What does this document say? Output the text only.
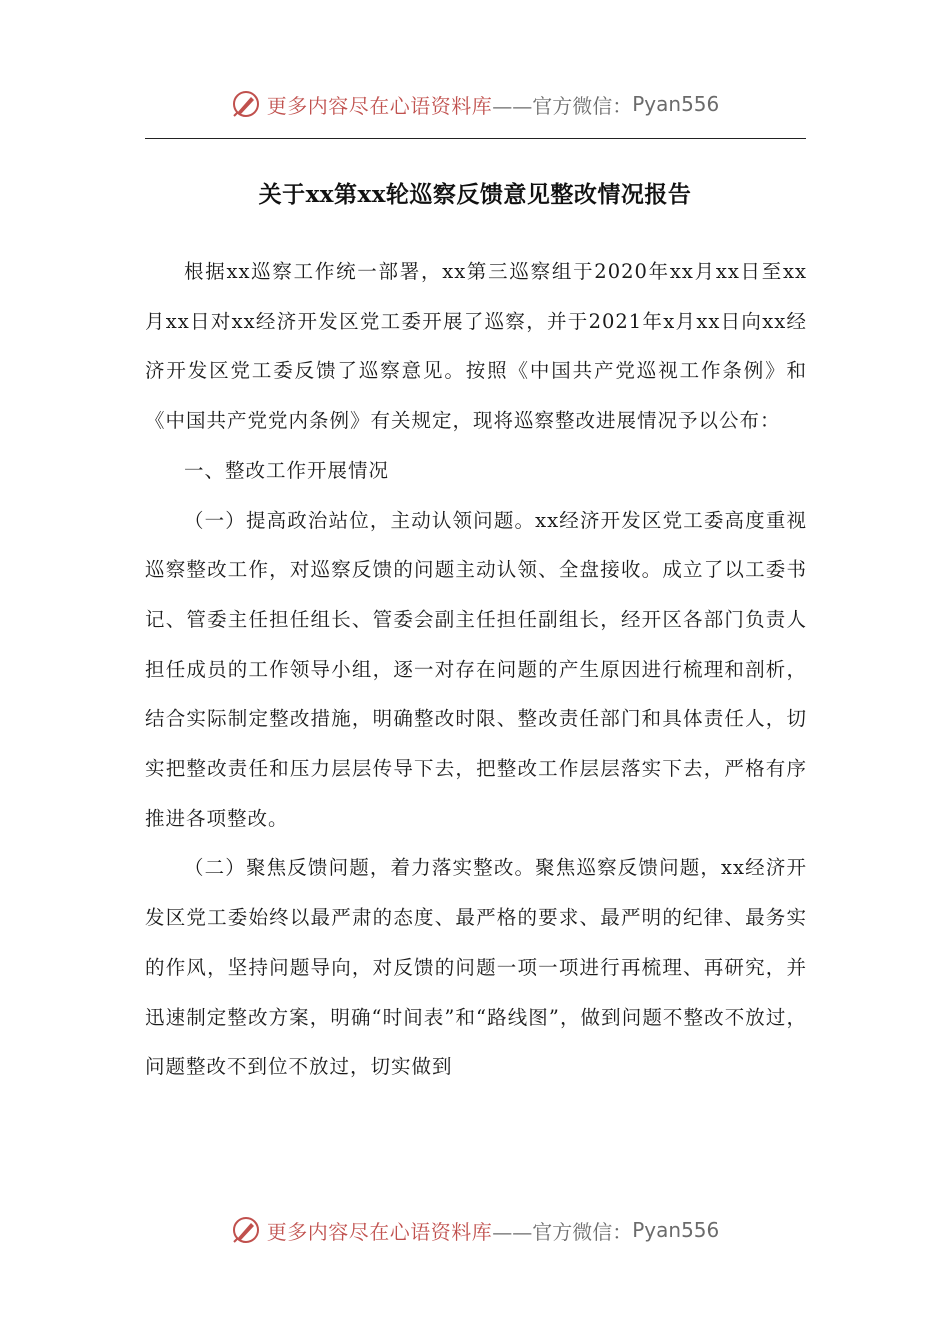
更多内容尽在心语资料库 ——官方微信： Pyan556
关于xx第xx轮巡察反馈意见整改情况报告

根据xx巡察工作统一部署，xx第三巡察组于2020年xx月xx日至xx月xx日对xx经济开发区党工委开展了巡察，并于2021年x月xx日向xx经济开发区党工委反馈了巡察意见。按照《中国共产党巡视工作条例》和《中国共产党党内条例》有关规定，现将巡察整改进展情况予以公布：

一、整改工作开展情况

（一）提高政治站位，主动认领问题。xx经济开发区党工委高度重视巡察整改工作，对巡察反馈的问题主动认领、全盘接收。成立了以工委书记、管委主任担任组长、管委会副主任担任副组长，经开区各部门负责人担任成员的工作领导小组，逐一对存在问题的产生原因进行梳理和剖析，结合实际制定整改措施，明确整改时限、整改责任部门和具体责任人，切实把整改责任和压力层层传导下去，把整改工作层层落实下去，严格有序推进各项整改。

（二）聚焦反馈问题，着力落实整改。聚焦巡察反馈问题，xx经济开发区党工委始终以最严肃的态度、最严格的要求、最严明的纪律、最务实的作风，坚持问题导向，对反馈的问题一项一项进行再梳理、再研究，并迅速制定整改方案，明确“时间表”和“路线图”，做到问题不整改不放过，问题整改不到位不放过，切实做到

更多内容尽在心语资料库 ——官方微信： Pyan556
